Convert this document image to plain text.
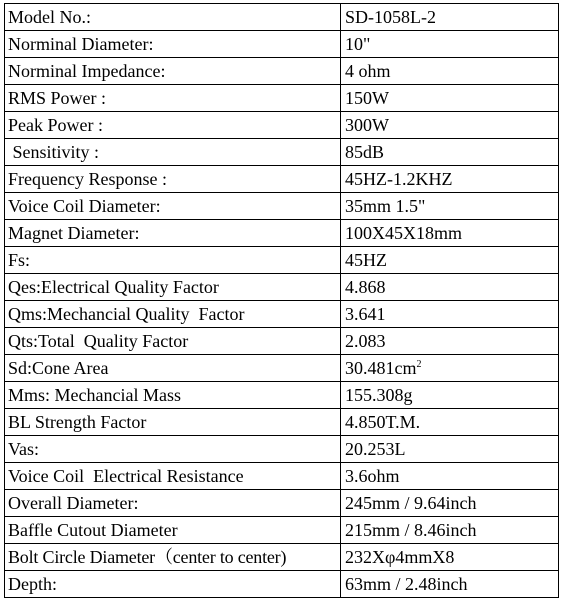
Model No.:	SD-1058L-2
Norminal Diameter:	10"
Norminal Impedance:	4 ohm
RMS Power :	150W
Peak Power :	300W
Sensitivity :	85dB
Frequency Response :	45HZ-1.2KHZ
Voice Coil Diameter:	35mm 1.5"
Magnet Diameter:	100X45X18mm
Fs:	45HZ
Qes:Electrical Quality Factor	4.868
Qms:Mechancial Quality  Factor	3.641
Qts:Total  Quality Factor	2.083
Sd:Cone Area	$30.481cm^2$
Mms: Mechancial Mass	155.308g
BL Strength Factor	4.850T.M.
Vas:	20.253L
Voice Coil  Electrical Resistance	3.6ohm
Overall Diameter:	245mm / 9.64inch
Baffle Cutout Diameter	215mm / 8.46inch
Bolt Circle Diameter（center to center)	232Xφ4mmX8
Depth:	63mm / 2.48inch
